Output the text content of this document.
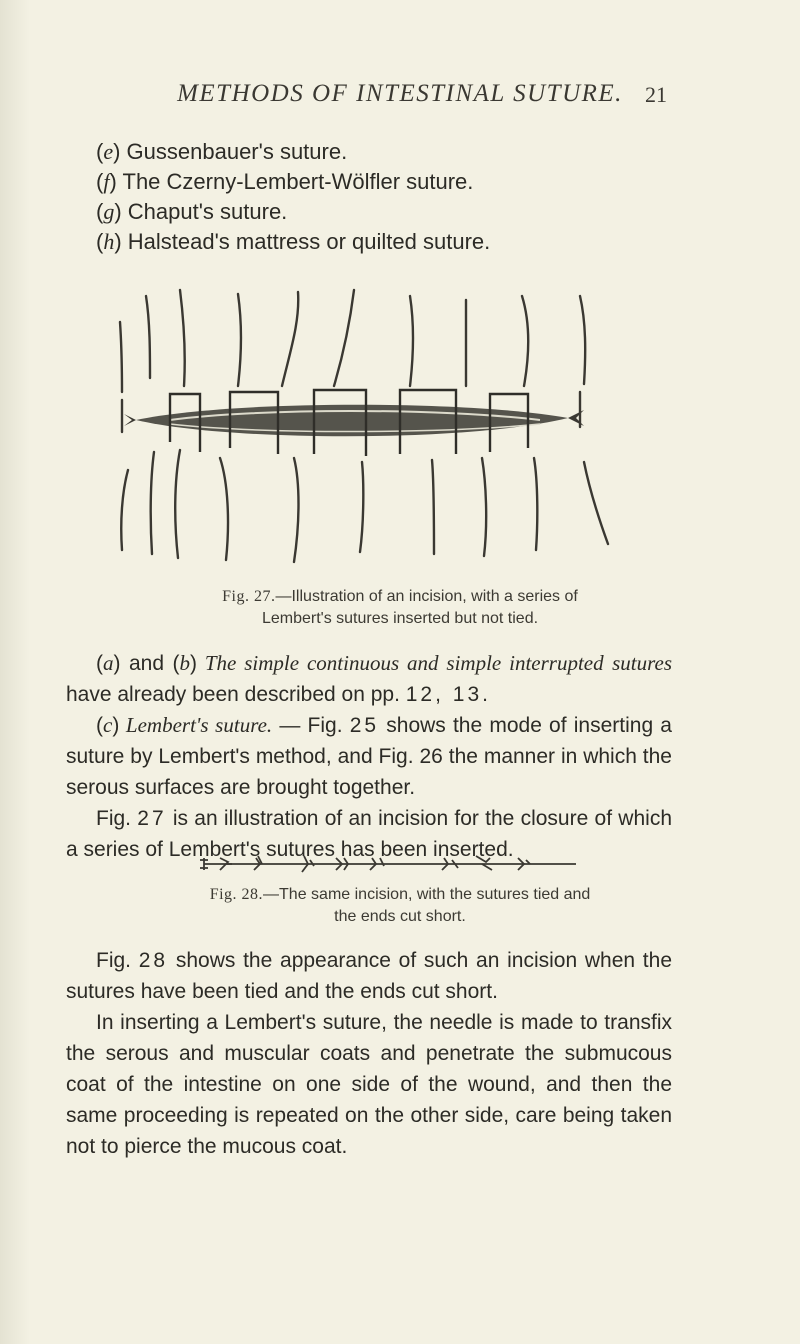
METHODS OF INTESTINAL SUTURE.	21
(e) Gussenbauer's suture.
(f) The Czerny-Lembert-Wölfler suture.
(g) Chaput's suture.
(h) Halstead's mattress or quilted suture.
Fig. 27.—Illustration of an incision, with a series of
Lembert's sutures inserted but not tied.

(a) and (b) The simple continuous and simple interrupted sutures have already been described on pp. 12, 13.

(c) Lembert's suture. — Fig. 25 shows the mode of inserting a suture by Lembert's method, and Fig. 26 the manner in which the serous surfaces are brought together.

Fig. 27 is an illustration of an incision for the closure of which a series of Lembert's sutures has been inserted.

Fig. 28.—The same incision, with the sutures tied and
the ends cut short.

Fig. 28 shows the appearance of such an incision when the sutures have been tied and the ends cut short.

In inserting a Lembert's suture, the needle is made to transfix the serous and muscular coats and penetrate the submucous coat of the intestine on one side of the wound, and then the same proceeding is repeated on the other side, care being taken not to pierce the mucous coat.
